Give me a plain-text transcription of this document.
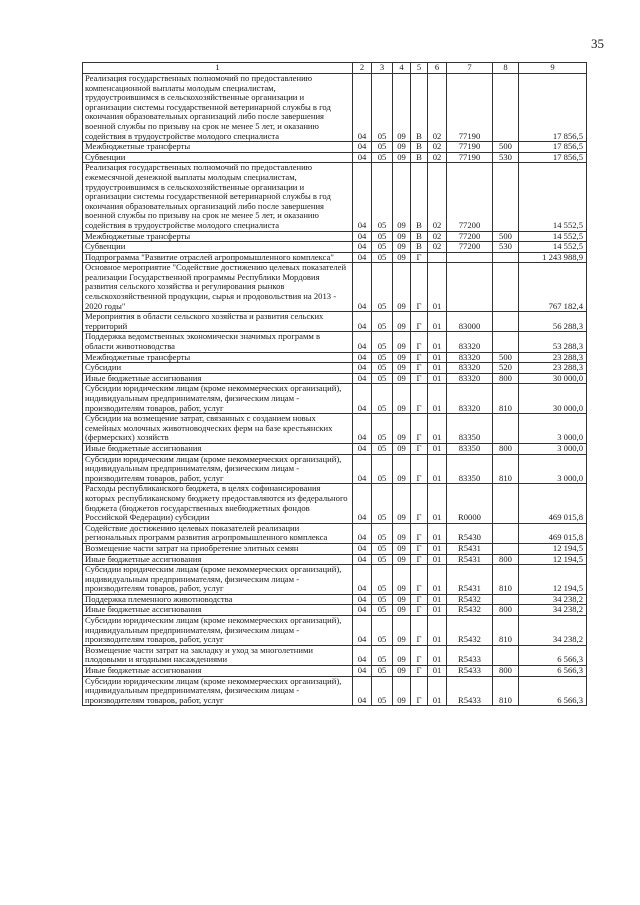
35
1	2	3	4	5	6	7	8	9
Реализация государственных полномочий по предоставлению компенсационной выплаты молодым специалистам, трудоустроившимся в сельскохозяйственные организации и организации системы государственной ветеринарной службы в год окончания образовательных организаций либо после завершения военной службы по призыву на срок не менее 5 лет, и оказанию содействия в трудоустройстве молодого специалиста	04	05	09	В	02	77190		17 856,5
Межбюджетные трансферты	04	05	09	В	02	77190	500	17 856,5
Субвенции	04	05	09	В	02	77190	530	17 856,5
Реализация государственных полномочий по предоставлению ежемесячной денежной выплаты молодым специалистам, трудоустроившимся в сельскохозяйственные организации и организации системы государственной ветеринарной службы в год окончания образовательных организаций либо после завершения военной службы по призыву на срок не менее 5 лет, и оказанию содействия в трудоустройстве молодого специалиста	04	05	09	В	02	77200		14 552,5
Межбюджетные трансферты	04	05	09	В	02	77200	500	14 552,5
Субвенции	04	05	09	В	02	77200	530	14 552,5
Подпрограмма "Развитие отраслей агропромышленного комплекса"	04	05	09	Г				1 243 988,9
Основное мероприятие "Содействие достижению целевых показателей реализации Государственной программы Республики Мордовия развития сельского хозяйства и регулирования рынков сельскохозяйственной продукции, сырья и продовольствия на 2013 - 2020 годы"	04	05	09	Г	01			767 182,4
Мероприятия в области сельского хозяйства и развития сельских территорий	04	05	09	Г	01	83000		56 288,3
Поддержка ведомственных экономически значимых программ в области животноводства	04	05	09	Г	01	83320		53 288,3
Межбюджетные трансферты	04	05	09	Г	01	83320	500	23 288,3
Субсидии	04	05	09	Г	01	83320	520	23 288,3
Иные бюджетные ассигнования	04	05	09	Г	01	83320	800	30 000,0
Субсидии юридическим лицам (кроме некоммерческих организаций), индивидуальным предпринимателям, физическим лицам - производителям товаров, работ, услуг	04	05	09	Г	01	83320	810	30 000,0
Субсидии на возмещение затрат, связанных с созданием новых семейных молочных животноводческих ферм на базе крестьянских (фермерских) хозяйств	04	05	09	Г	01	83350		3 000,0
Иные бюджетные ассигнования	04	05	09	Г	01	83350	800	3 000,0
Субсидии юридическим лицам (кроме некоммерческих организаций), индивидуальным предпринимателям, физическим лицам - производителям товаров, работ, услуг	04	05	09	Г	01	83350	810	3 000,0
Расходы республиканского бюджета, в целях софинансирования которых республиканскому бюджету предоставляются из федерального бюджета (бюджетов государственных внебюджетных фондов Российской Федерации) субсидии	04	05	09	Г	01	R0000		469 015,8
Содействие достижению целевых показателей реализации региональных программ развития агропромышленного комплекса	04	05	09	Г	01	R5430		469 015,8
Возмещение части затрат на приобретение элитных семян	04	05	09	Г	01	R5431		12 194,5
Иные бюджетные ассигнования	04	05	09	Г	01	R5431	800	12 194,5
Субсидии юридическим лицам (кроме некоммерческих организаций), индивидуальным предпринимателям, физическим лицам - производителям товаров, работ, услуг	04	05	09	Г	01	R5431	810	12 194,5
Поддержка племенного животноводства	04	05	09	Г	01	R5432		34 238,2
Иные бюджетные ассигнования	04	05	09	Г	01	R5432	800	34 238,2
Субсидии юридическим лицам (кроме некоммерческих организаций), индивидуальным предпринимателям, физическим лицам - производителям товаров, работ, услуг	04	05	09	Г	01	R5432	810	34 238,2
Возмещение части затрат на закладку и уход за многолетними плодовыми и ягодными насаждениями	04	05	09	Г	01	R5433		6 566,3
Иные бюджетные ассигнования	04	05	09	Г	01	R5433	800	6 566,3
Субсидии юридическим лицам (кроме некоммерческих организаций), индивидуальным предпринимателям, физическим лицам - производителям товаров, работ, услуг	04	05	09	Г	01	R5433	810	6 566,3
